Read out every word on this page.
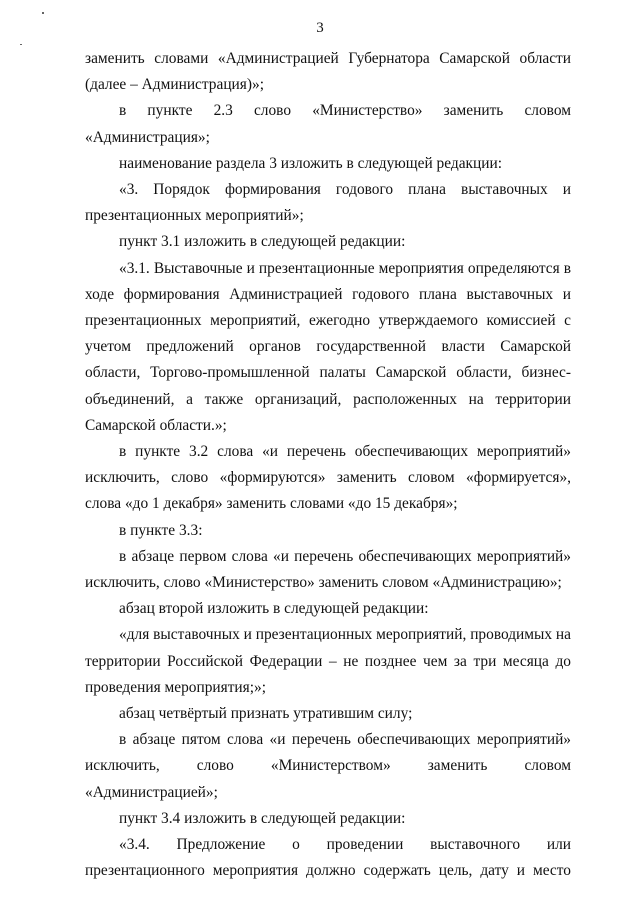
3

заменить словами «Администрацией Губернатора Самарской области (далее – Администрация)»;

в пункте 2.3 слово «Министерство» заменить словом «Администрация»;

наименование раздела 3 изложить в следующей редакции:

«3. Порядок формирования годового плана выставочных и презентационных мероприятий»;

пункт 3.1 изложить в следующей редакции:

«3.1. Выставочные и презентационные мероприятия определяются в ходе формирования Администрацией годового плана выставочных и презентационных мероприятий, ежегодно утверждаемого комиссией с учетом предложений органов государственной власти Самарской области, Торгово-промышленной палаты Самарской области, бизнес-объединений, а также организаций, расположенных на территории Самарской области.»;

в пункте 3.2 слова «и перечень обеспечивающих мероприятий» исключить, слово «формируются» заменить словом «формируется», слова «до 1 декабря» заменить словами «до 15 декабря»;

в пункте 3.3:

в абзаце первом слова «и перечень обеспечивающих мероприятий» исключить, слово «Министерство» заменить словом «Администрацию»;

абзац второй изложить в следующей редакции:

«для выставочных и презентационных мероприятий, проводимых на территории Российской Федерации – не позднее чем за три месяца до проведения мероприятия;»;

абзац четвёртый признать утратившим силу;

в абзаце пятом слова «и перечень обеспечивающих мероприятий» исключить, слово «Министерством» заменить словом «Администрацией»;

пункт 3.4 изложить в следующей редакции:

«3.4. Предложение о проведении выставочного или презентационного мероприятия должно содержать цель, дату и место
